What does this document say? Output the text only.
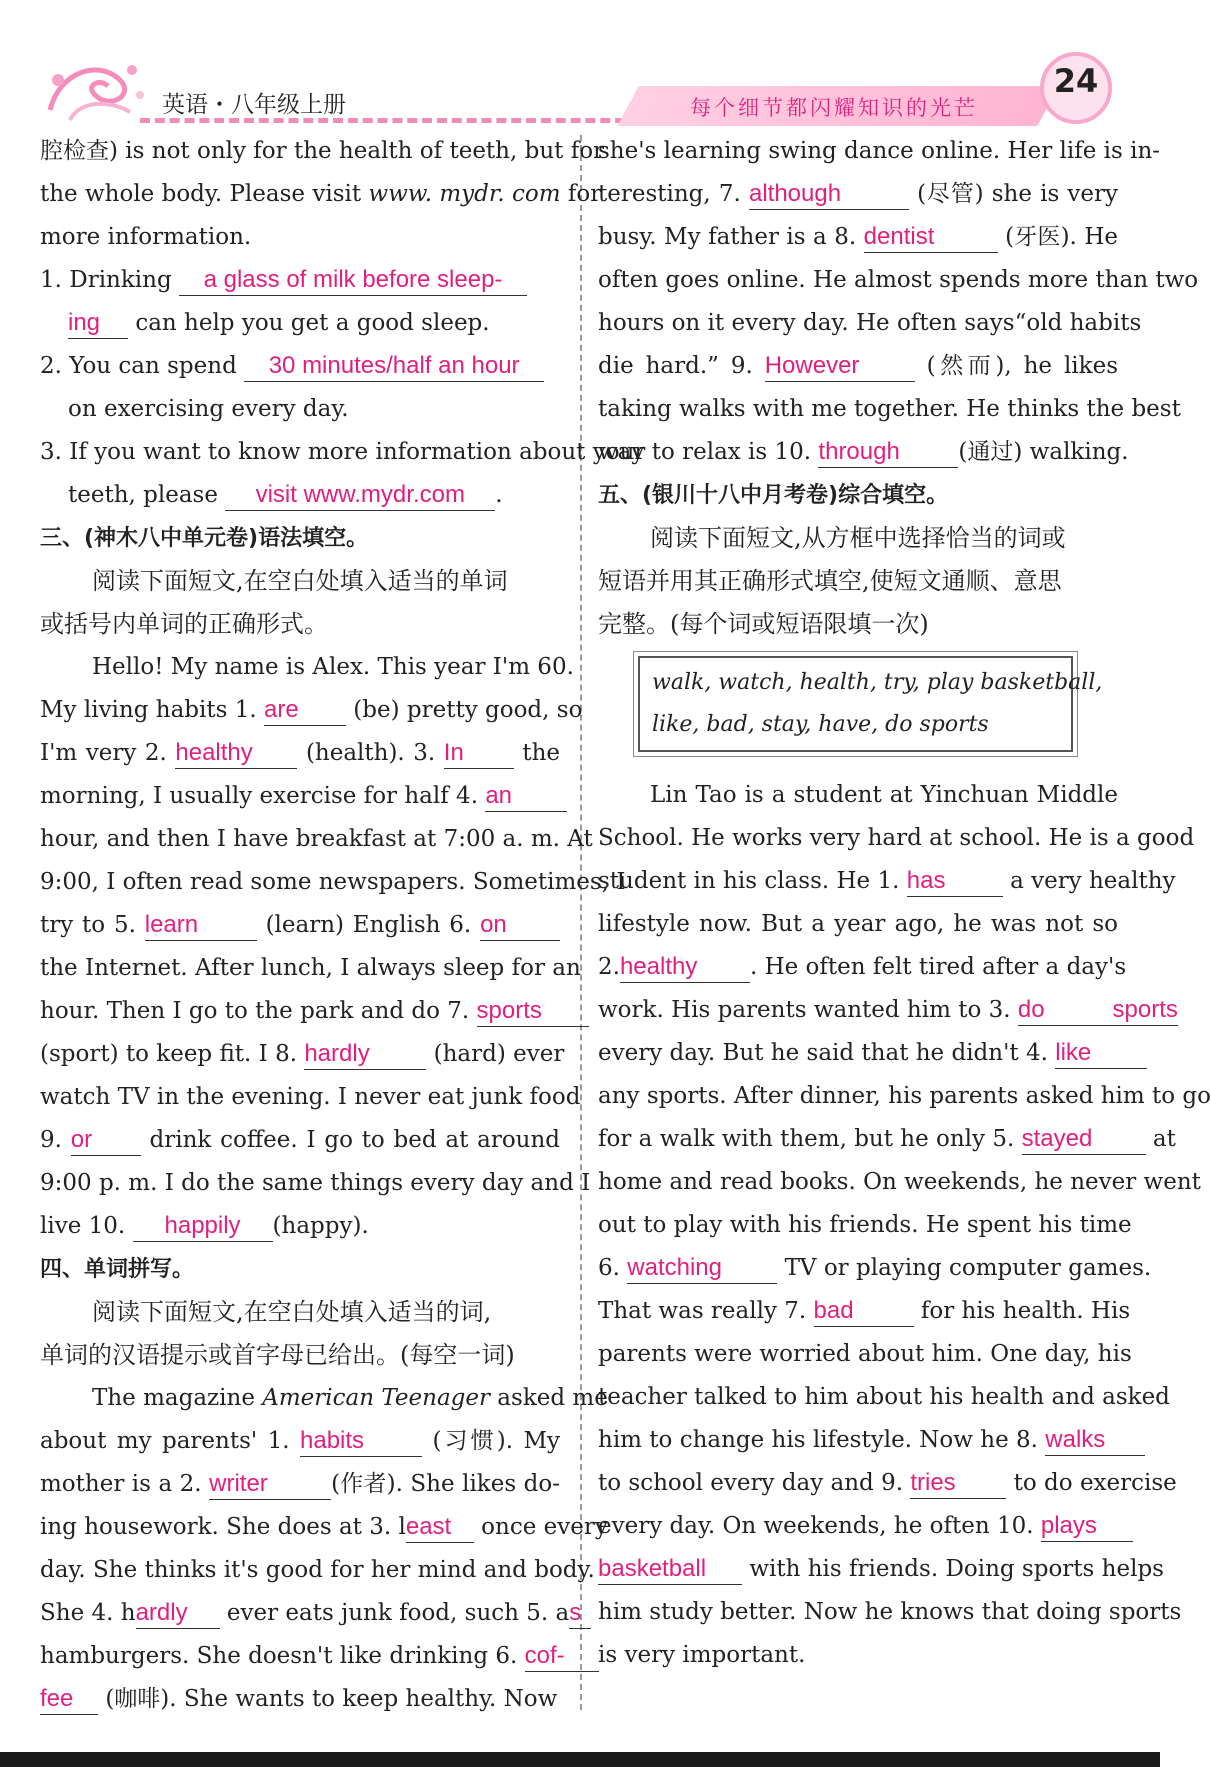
英语・八年级上册	每个细节都闪耀知识的光芒
24
腔检查) is not only for the health of teeth, but for
the whole body. Please visit www. mydr. com for
more information.
1. Drinking a glass of milk before sleep-
ing can help you get a good sleep.
2. You can spend 30 minutes/half an hour
on exercising every day.
3. If you want to know more information about your
teeth, please visit www.mydr.com .
三、(神木八中单元卷)语法填空。
阅读下面短文,在空白处填入适当的单词
或括号内单词的正确形式。
Hello! My name is Alex. This year I'm 60.
My living habits 1. are (be) pretty good, so
I'm very 2. healthy (health). 3. In	the
morning, I usually exercise for half 4. an
hour, and then I have breakfast at 7:00 a. m. At
9:00, I often read some newspapers. Sometimes, I
try to 5. learn	(learn) English 6. on
the Internet. After lunch, I always sleep for an
hour. Then I go to the park and do 7. sports
(sport) to keep fit. I 8. hardly	(hard) ever
watch TV in the evening. I never eat junk food
9. or drink coffee. I go to bed at around
9:00 p. m. I do the same things every day and I
live 10. happily (happy).
四、单词拼写。
阅读下面短文,在空白处填入适当的词,
单词的汉语提示或首字母已给出。(每空一词)
The magazine American Teenager asked me
about my parents' 1. habits	(习惯). My
mother is a 2. writer	(作者). She likes do-
ing housework. She does at 3. least once every
day. She thinks it's good for her mind and body.
She 4. hardly ever eats junk food, such 5. as
hamburgers. She doesn't like drinking 6. cof-
fee (咖啡). She wants to keep healthy. Now
she's learning swing dance online. Her life is in-
teresting, 7. although	(尽管) she is very
busy. My father is a 8. dentist	(牙医). He
often goes online. He almost spends more than two
hours on it every day. He often says“old habits
die hard.” 9. However	(然而), he likes
taking walks with me together. He thinks the best
way to relax is 10. through	(通过) walking.
五、(银川十八中月考卷)综合填空。
阅读下面短文,从方框中选择恰当的词或
短语并用其正确形式填空,使短文通顺、意思
完整。(每个词或短语限填一次)
walk, watch, health, try, play basketball,
like, bad, stay, have, do sports
Lin Tao is a student at Yinchuan Middle
School. He works very hard at school. He is a good
student in his class. He 1. has	a very healthy
lifestyle now. But a year ago, he was not so
2.healthy . He often felt tired after a day's
work. His parents wanted him to 3. do sports
every day. But he said that he didn't 4. like
any sports. After dinner, his parents asked him to go
for a walk with them, but he only 5. stayed	at
home and read books. On weekends, he never went
out to play with his friends. He spent his time
6. watching	TV or playing computer games.
That was really 7. bad	for his health. His
parents were worried about him. One day, his
teacher talked to him about his health and asked
him to change his lifestyle. Now he 8. walks
to school every day and 9. tries	to do exercise
every day. On weekends, he often 10. plays
basketball with his friends. Doing sports helps
him study better. Now he knows that doing sports
is very important.
